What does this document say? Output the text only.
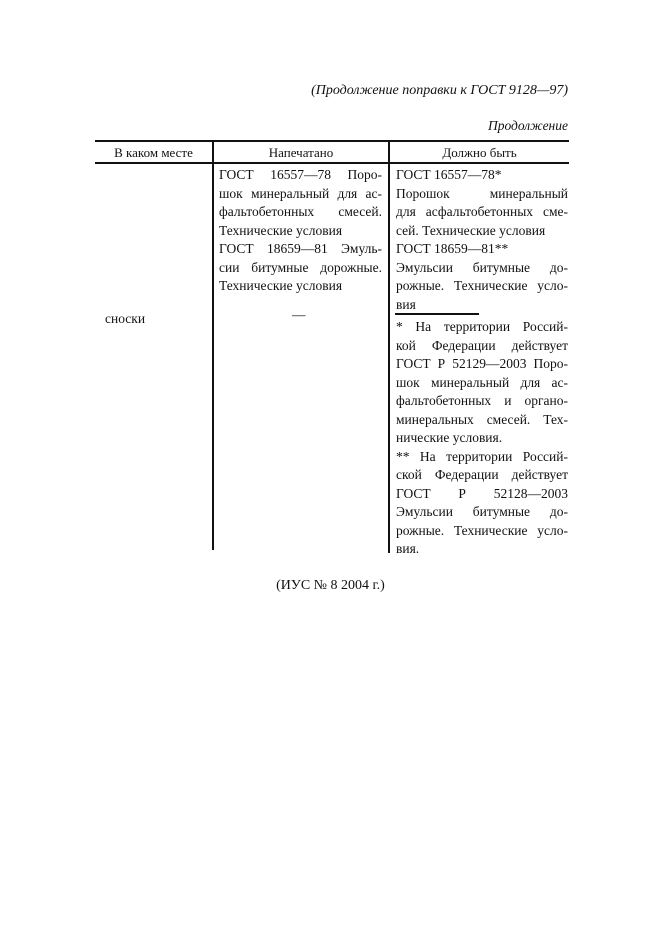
(Продолжение поправки к ГОСТ 9128—97)
Продолжение
В каком месте	Напечатано	Должно быть
сноски
ГОСТ 16557—78 Поро-
шок минеральный для ас-
фальтобетонных смесей.
Технические условия
ГОСТ 18659—81 Эмуль-
сии битумные дорожные.
Технические условия
—
ГОСТ 16557—78*
Порошок минеральный
для асфальтобетонных сме-
сей. Технические условия
ГОСТ 18659—81**
Эмульсии битумные до-
рожные. Технические усло-
вия
* На территории Россий-
кой Федерации действует
ГОСТ Р 52129—2003 Поро-
шок минеральный для ас-
фальтобетонных и органо-
минеральных смесей. Тех-
нические условия.
** На территории Россий-
ской Федерации действует
ГОСТ Р 52128—2003
Эмульсии битумные до-
рожные. Технические усло-
вия.
(ИУС № 8 2004 г.)
